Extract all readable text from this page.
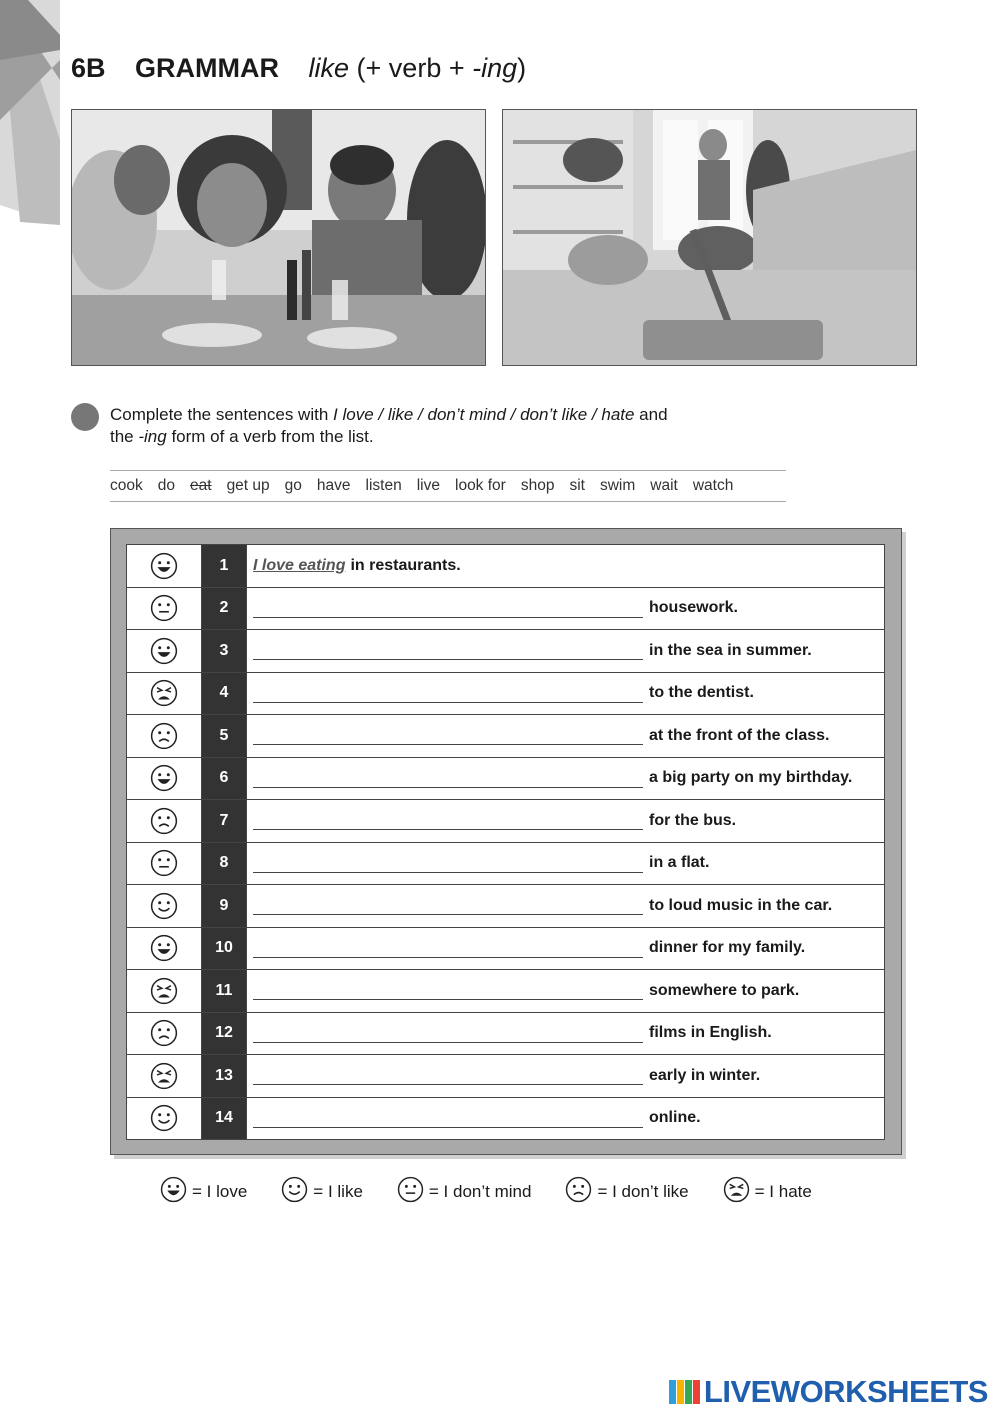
6B GRAMMAR like (+ verb + -ing)
Complete the sentences with I love / like / don’t mind / don’t like / hate and
the -ing form of a verb from the list.
cook do eat get up go have listen live look for shop sit swim wait watch
	1	I love eating in restaurants.

	2	housework.

	3	in the sea in summer.

	4	to the dentist.

	5	at the front of the class.

	6	a big party on my birthday.

	7	for the bus.

	8	in a flat.

	9	to loud music in the car.

	10	dinner for my family.

	11	somewhere to park.

	12	films in English.

	13	early in winter.

	14	online.
= I love	= I like	= I don’t mind	= I don’t like	= I hate
LIVEWORKSHEETS
